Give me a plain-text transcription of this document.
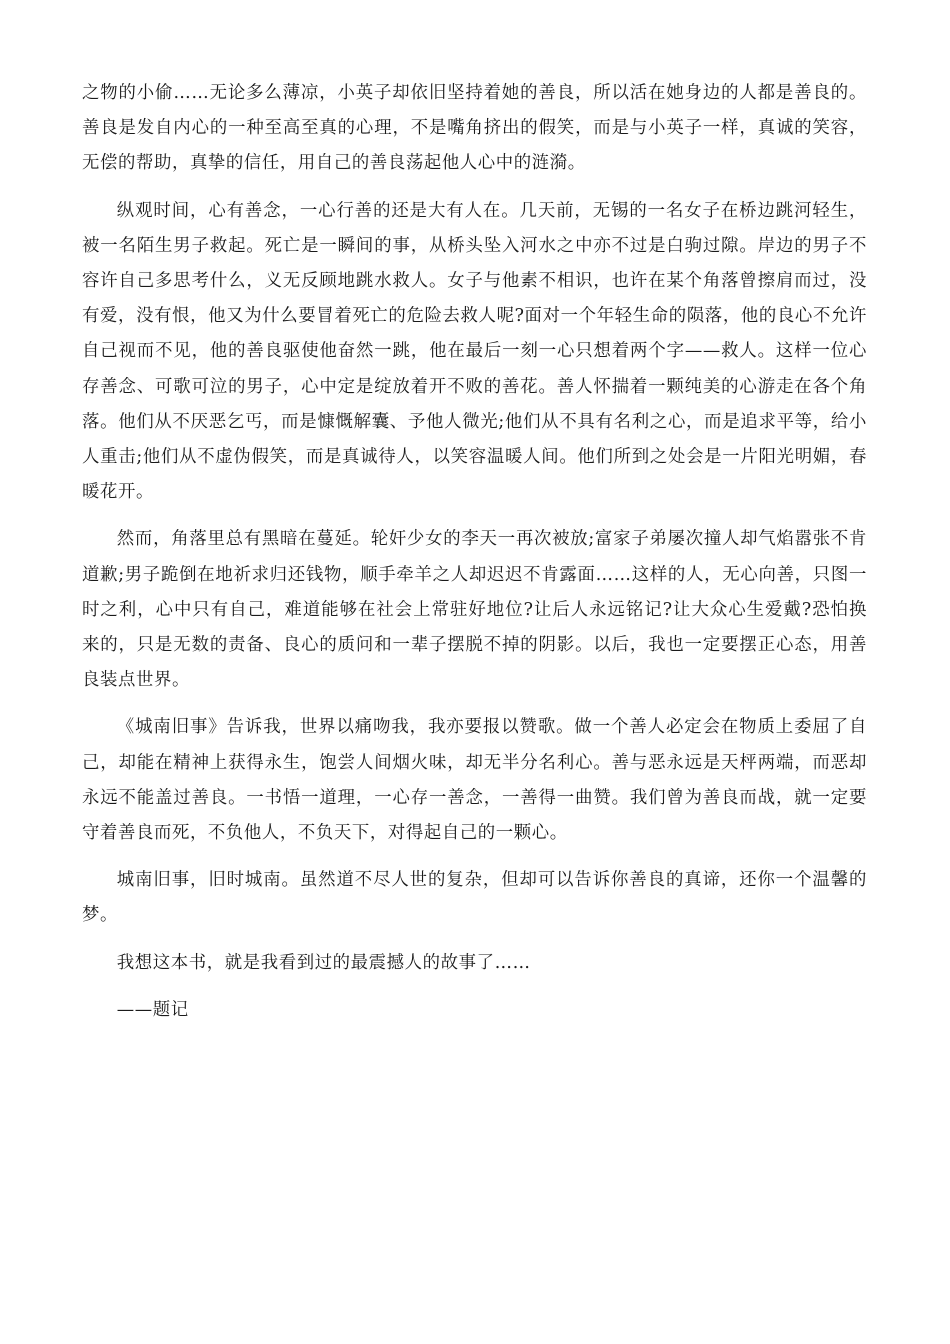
之物的小偷……无论多么薄凉，小英子却依旧坚持着她的善良，所以活在她身边的人都是善良的。善良是发自内心的一种至高至真的心理，不是嘴角挤出的假笑，而是与小英子一样，真诚的笑容，无偿的帮助，真挚的信任，用自己的善良荡起他人心中的涟漪。

纵观时间，心有善念，一心行善的还是大有人在。几天前，无锡的一名女子在桥边跳河轻生，被一名陌生男子救起。死亡是一瞬间的事，从桥头坠入河水之中亦不过是白驹过隙。岸边的男子不容许自己多思考什么，义无反顾地跳水救人。女子与他素不相识，也许在某个角落曾擦肩而过，没有爱，没有恨，他又为什么要冒着死亡的危险去救人呢?面对一个年轻生命的陨落，他的良心不允许自己视而不见，他的善良驱使他奋然一跳，他在最后一刻一心只想着两个字——救人。这样一位心存善念、可歌可泣的男子，心中定是绽放着开不败的善花。善人怀揣着一颗纯美的心游走在各个角落。他们从不厌恶乞丐，而是慷慨解囊、予他人微光;他们从不具有名利之心，而是追求平等，给小人重击;他们从不虚伪假笑，而是真诚待人，以笑容温暖人间。他们所到之处会是一片阳光明媚，春暖花开。

然而，角落里总有黑暗在蔓延。轮奸少女的李天一再次被放;富家子弟屡次撞人却气焰嚣张不肯道歉;男子跪倒在地祈求归还钱物，顺手牵羊之人却迟迟不肯露面……这样的人，无心向善，只图一时之利，心中只有自己，难道能够在社会上常驻好地位?让后人永远铭记?让大众心生爱戴?恐怕换来的，只是无数的责备、良心的质问和一辈子摆脱不掉的阴影。以后，我也一定要摆正心态，用善良装点世界。

《城南旧事》告诉我，世界以痛吻我，我亦要报以赞歌。做一个善人必定会在物质上委屈了自己，却能在精神上获得永生，饱尝人间烟火味，却无半分名利心。善与恶永远是天枰两端，而恶却永远不能盖过善良。一书悟一道理，一心存一善念，一善得一曲赞。我们曾为善良而战，就一定要守着善良而死，不负他人，不负天下，对得起自己的一颗心。

城南旧事，旧时城南。虽然道不尽人世的复杂，但却可以告诉你善良的真谛，还你一个温馨的梦。

我想这本书，就是我看到过的最震撼人的故事了……

——题记
